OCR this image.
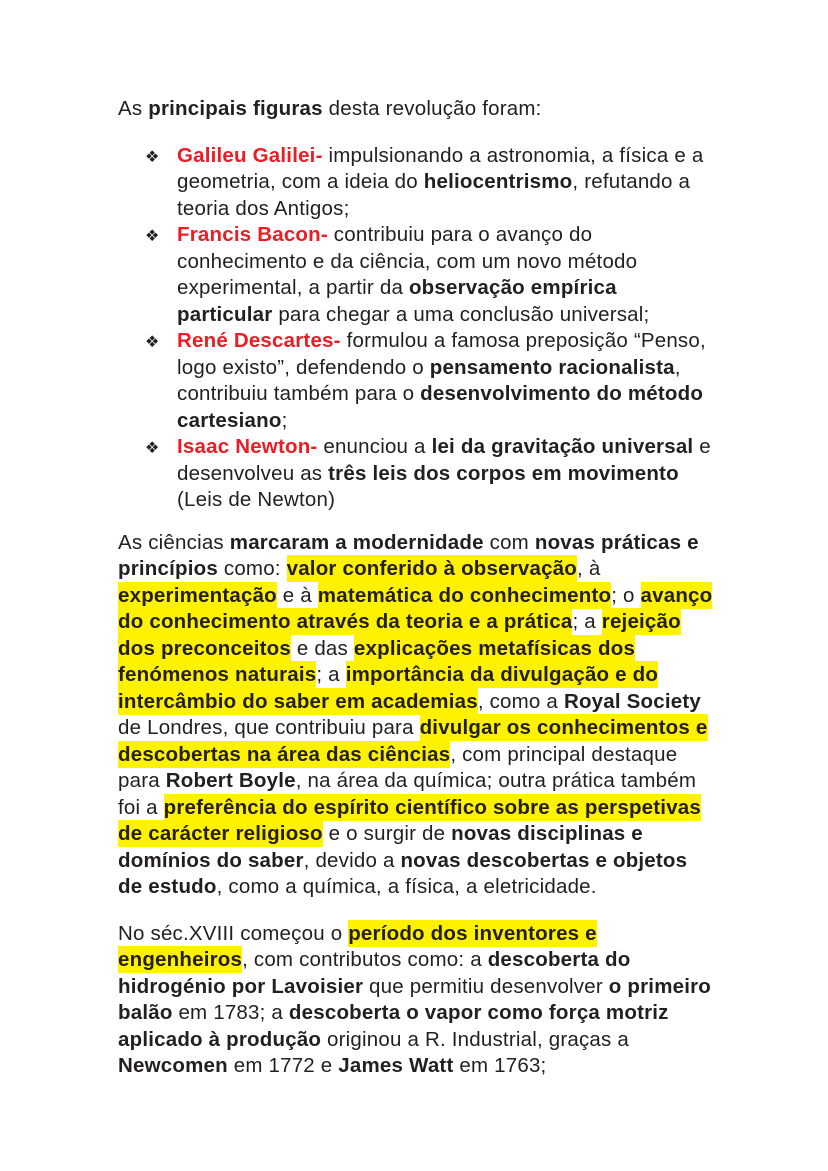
As principais figuras desta revolução foram:

❖ Galileu Galilei- impulsionando a astronomia, a física e a geometria, com a ideia do heliocentrismo, refutando a teoria dos Antigos;
❖ Francis Bacon- contribuiu para o avanço do conhecimento e da ciência, com um novo método experimental, a partir da observação empírica particular para chegar a uma conclusão universal;
❖ René Descartes- formulou a famosa preposição “Penso, logo existo”, defendendo o pensamento racionalista, contribuiu também para o desenvolvimento do método cartesiano;
❖ Isaac Newton- enunciou a lei da gravitação universal e desenvolveu as três leis dos corpos em movimento (Leis de Newton)

As ciências marcaram a modernidade com novas práticas e princípios como: valor conferido à observação, à experimentação e à matemática do conhecimento; o avanço do conhecimento através da teoria e a prática; a rejeição dos preconceitos e das explicações metafísicas dos fenómenos naturais; a importância da divulgação e do intercâmbio do saber em academias, como a Royal Society de Londres, que contribuiu para divulgar os conhecimentos e descobertas na área das ciências, com principal destaque para Robert Boyle, na área da química; outra prática também foi a preferência do espírito científico sobre as perspetivas de carácter religioso e o surgir de novas disciplinas e domínios do saber, devido a novas descobertas e objetos de estudo, como a química, a física, a eletricidade.

No séc.XVIII começou o período dos inventores e engenheiros, com contributos como: a descoberta do hidrogénio por Lavoisier que permitiu desenvolver o primeiro balão em 1783; a descoberta o vapor como força motriz aplicado à produção originou a R. Industrial, graças a Newcomen em 1772 e James Watt em 1763;
